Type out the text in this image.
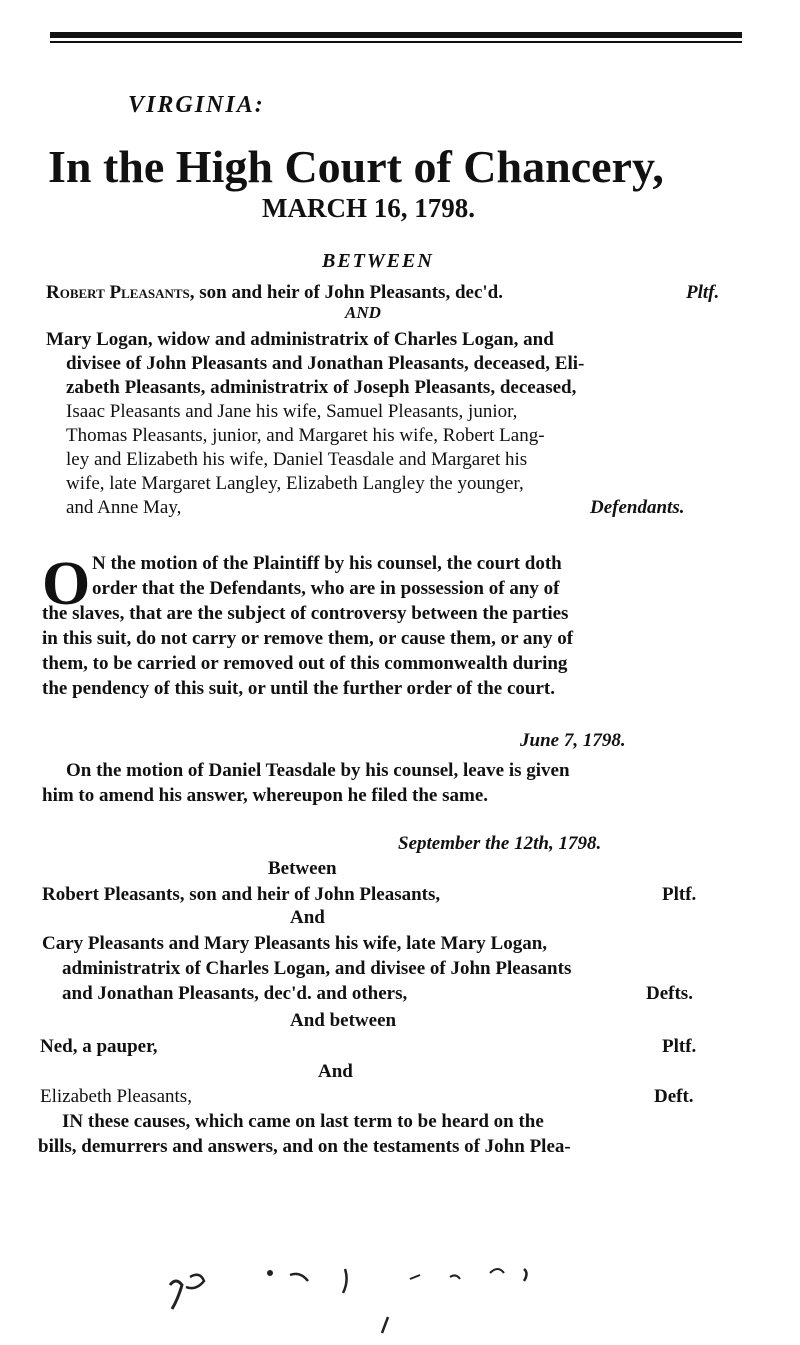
VIRGINIA:
In the High Court of Chancery,
MARCH 16, 1798.
BETWEEN
Robert Pleasants, son and heir of John Pleasants, dec'd.	Pltf.
AND
Mary Logan, widow and administratrix of Charles Logan, and
divisee of John Pleasants and Jonathan Pleasants, deceased, Eli-
zabeth Pleasants, administratrix of Joseph Pleasants, deceased,
Isaac Pleasants and Jane his wife, Samuel Pleasants, junior,
Thomas Pleasants, junior, and Margaret his wife, Robert Lang-
ley and Elizabeth his wife, Daniel Teasdale and Margaret his
wife, late Margaret Langley, Elizabeth Langley the younger,
and Anne May,	Defendants.
O N the motion of the Plaintiff by his counsel, the court doth
order that the Defendants, who are in possession of any of
the slaves, that are the subject of controversy between the parties
in this suit, do not carry or remove them, or cause them, or any of
them, to be carried or removed out of this commonwealth during
the pendency of this suit, or until the further order of the court.
June 7, 1798.
On the motion of Daniel Teasdale by his counsel, leave is given
him to amend his answer, whereupon he filed the same.
September the 12th, 1798.
Between
Robert Pleasants, son and heir of John Pleasants,	Pltf.
And
Cary Pleasants and Mary Pleasants his wife, late Mary Logan,
administratrix of Charles Logan, and divisee of John Pleasants
and Jonathan Pleasants, dec'd. and others,	Defts.
And between
Ned, a pauper,	Pltf.
And
Elizabeth Pleasants,	Deft.
IN these causes, which came on last term to be heard on the
bills, demurrers and answers, and on the testaments of John Plea-
